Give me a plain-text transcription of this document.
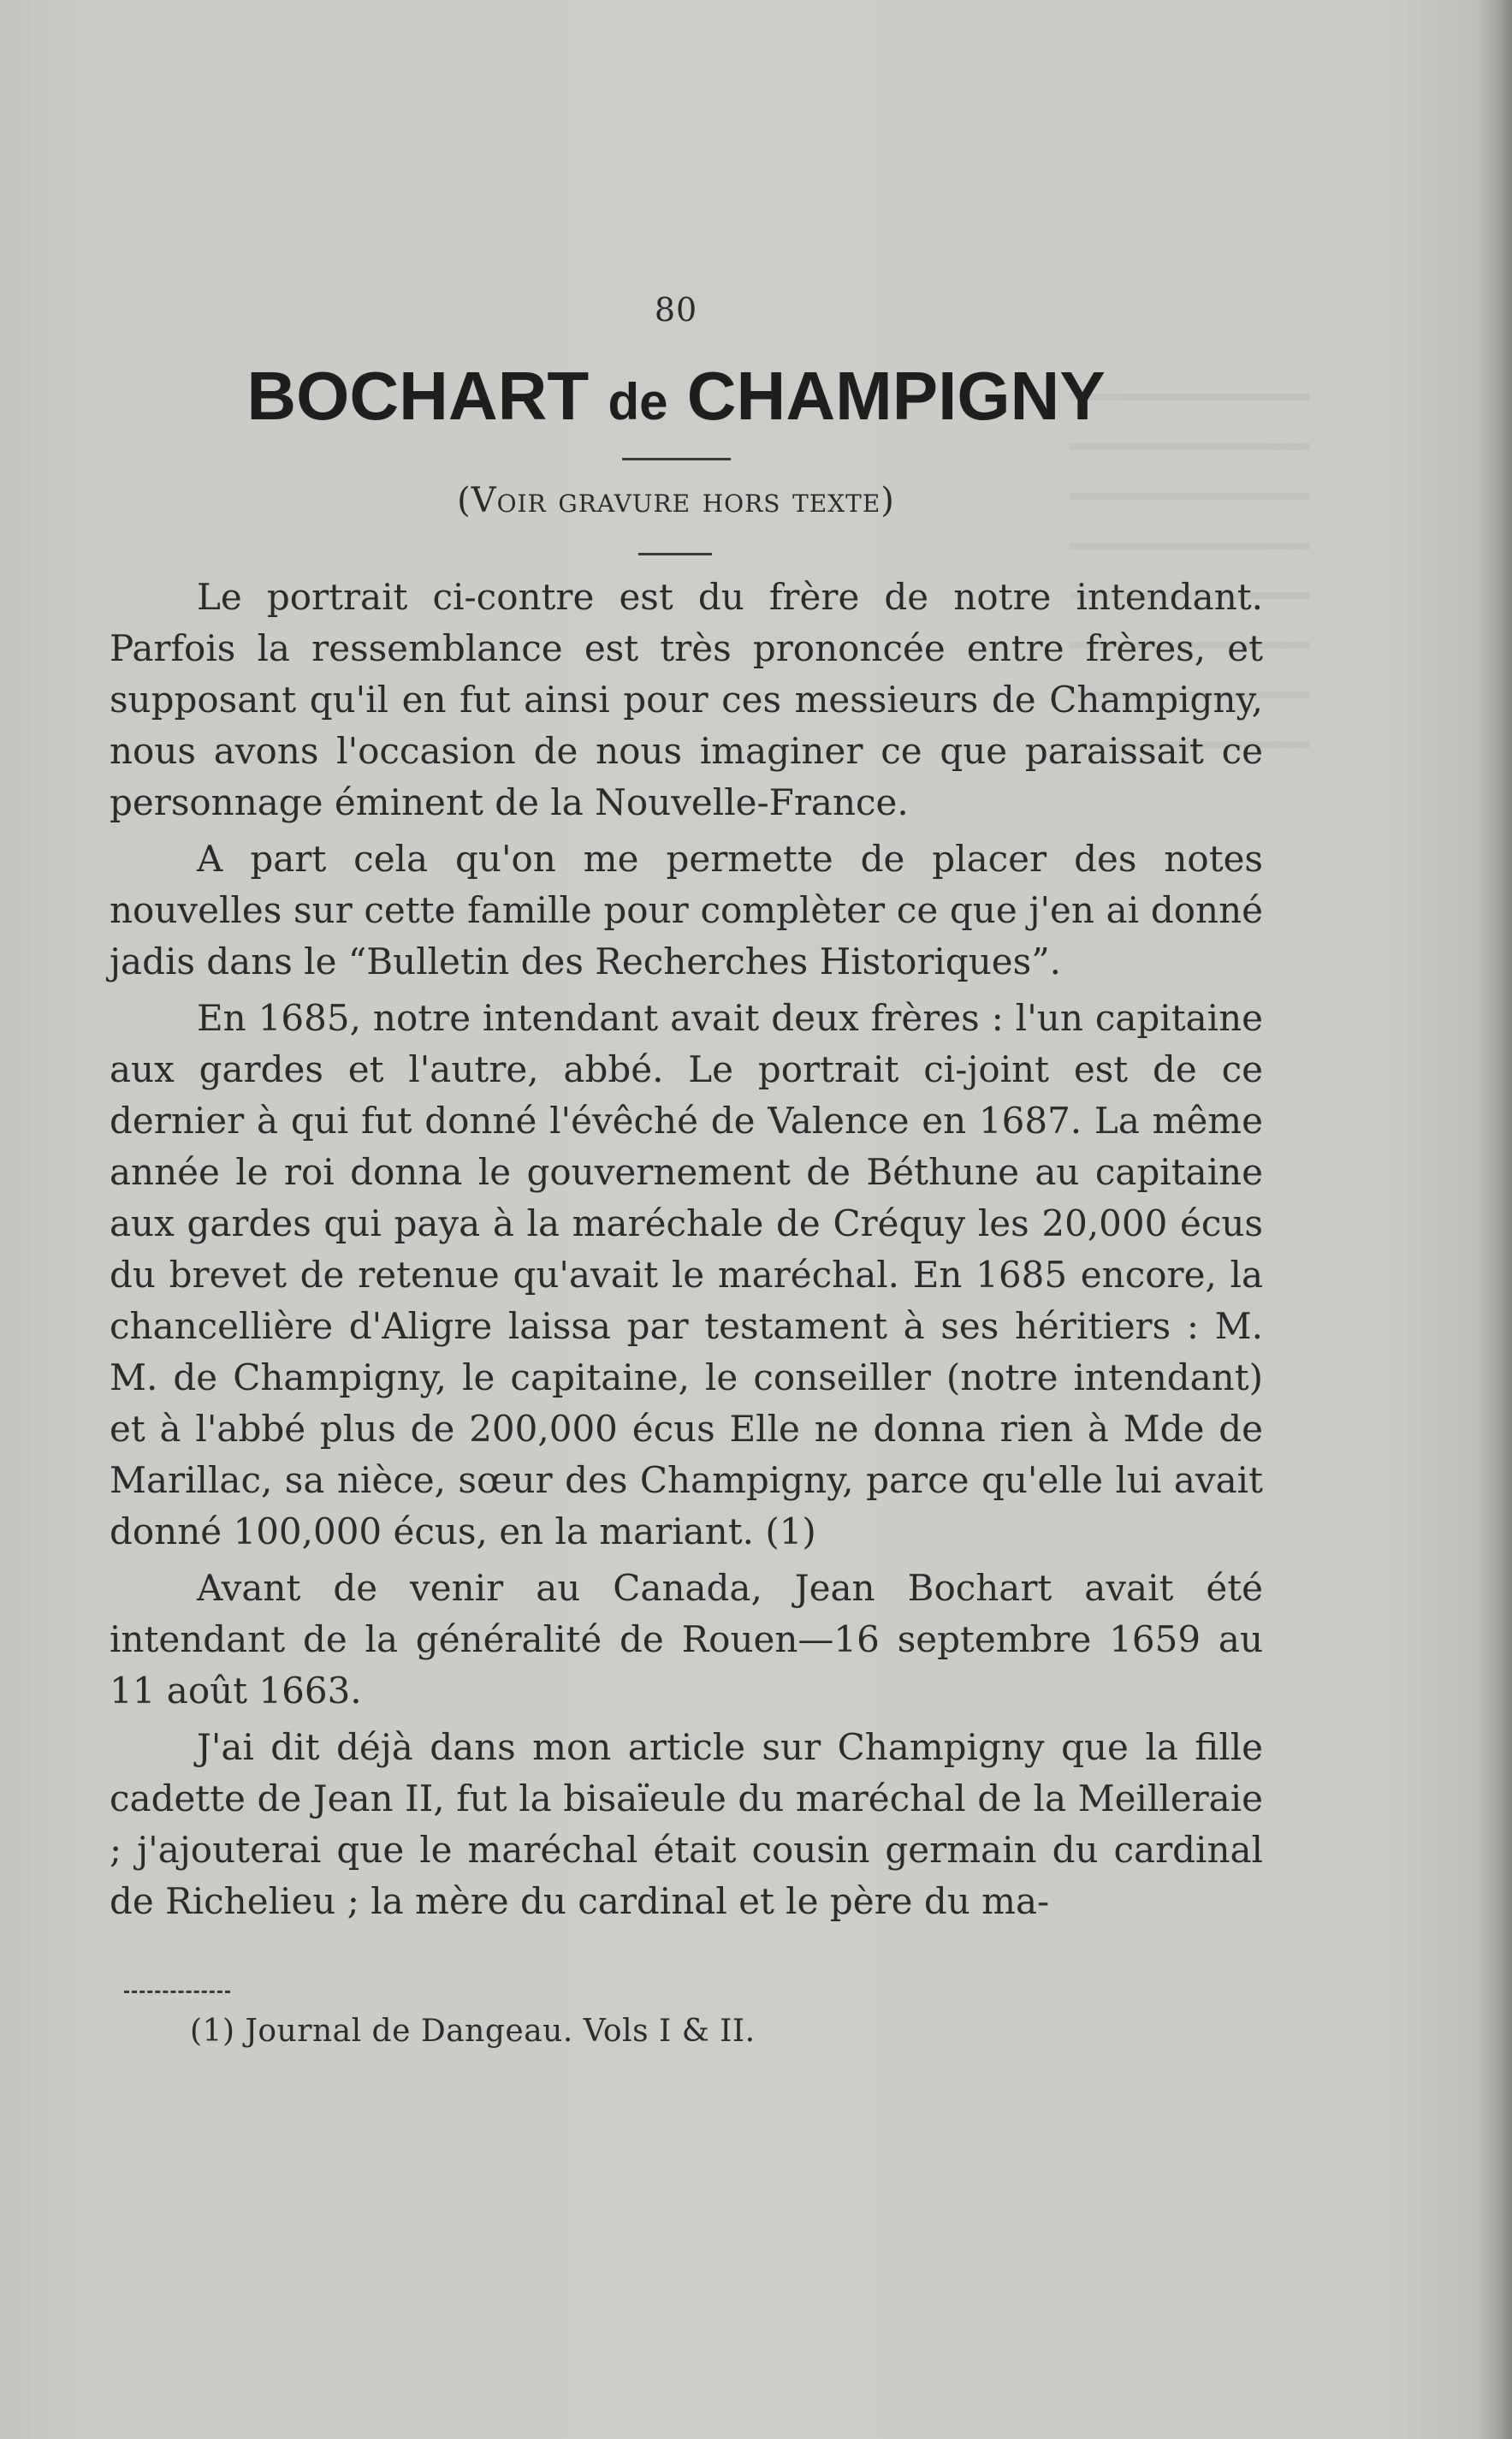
80
BOCHART de CHAMPIGNY
(Voir gravure hors texte)

Le portrait ci-contre est du frère de notre intendant. Parfois la ressemblance est très prononcée entre frères, et supposant qu'il en fut ainsi pour ces messieurs de Champigny, nous avons l'occasion de nous imaginer ce que paraissait ce personnage éminent de la Nouvelle-France.

A part cela qu'on me permette de placer des notes nouvelles sur cette famille pour complèter ce que j'en ai donné jadis dans le “Bulletin des Recherches Historiques”.

En 1685, notre intendant avait deux frères : l'un capitaine aux gardes et l'autre, abbé. Le portrait ci-joint est de ce dernier à qui fut donné l'évêché de Valence en 1687. La même année le roi donna le gouvernement de Béthune au capitaine aux gardes qui paya à la maréchale de Créquy les 20,000 écus du brevet de retenue qu'avait le maréchal. En 1685 encore, la chancellière d'Aligre laissa par testament à ses héritiers : M. M. de Champigny, le capitaine, le conseiller (notre intendant) et à l'abbé plus de 200,000 écus Elle ne donna rien à Mde de Marillac, sa nièce, sœur des Champigny, parce qu'elle lui avait donné 100,000 écus, en la mariant. (1)

Avant de venir au Canada, Jean Bochart avait été intendant de la généralité de Rouen—16 septembre 1659 au 11 août 1663.

J'ai dit déjà dans mon article sur Champigny que la fille cadette de Jean II, fut la bisaïeule du maréchal de la Meilleraie ; j'ajouterai que le maréchal était cousin germain du cardinal de Richelieu ; la mère du cardinal et le père du ma-

(1) Journal de Dangeau. Vols I & II.
